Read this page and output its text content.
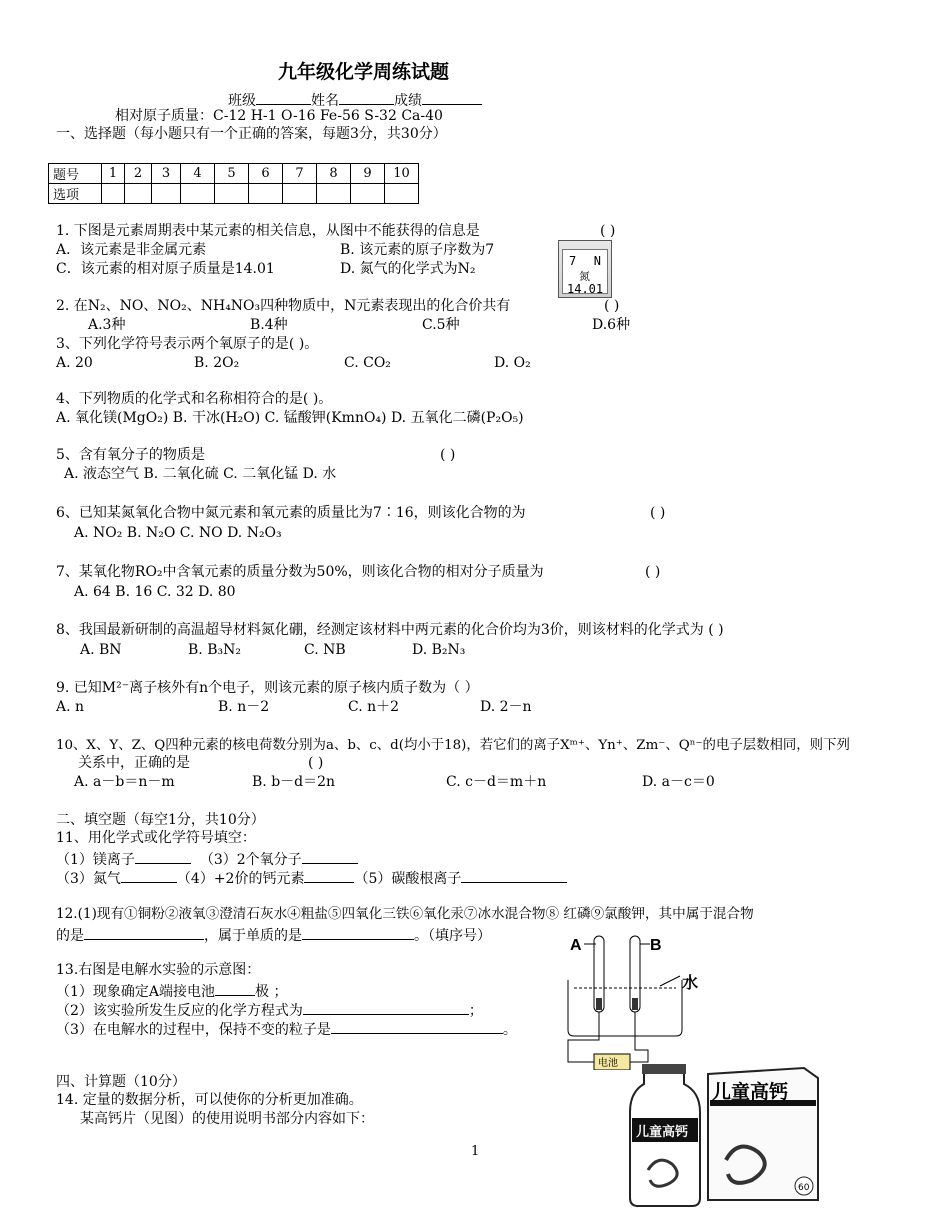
九年级化学周练试题
班级	姓名	成绩
相对原子质量：C-12 H-1 O-16 Fe-56 S-32 Ca-40
一、选择题（每小题只有一个正确的答案，每题3分，共30分）
题号	1	2	3	4	5	6	7	8	9	10
选项										
1. 下图是元素周期表中某元素的相关信息，从图中不能获得的信息是	( )
A．该元素是非金属元素	B. 该元素的原子序数为7
C．该元素的相对原子质量是14.01	D. 氮气的化学式为N₂	7 N
氮
14.01
2. 在N₂、NO、NO₂、NH₄NO₃四种物质中，N元素表现出的化合价共有	( )
A.3种	B.4种	C.5种	D.6种
3、下列化学符号表示两个氧原子的是( )。
A. 20	B. 2O₂	C. CO₂	D. O₂
4、下列物质的化学式和名称相符合的是( )。
A. 氧化镁(MgO₂) B. 干冰(H₂O) C. 锰酸钾(KmnO₄) D. 五氧化二磷(P₂O₅)
5、含有氧分子的物质是	( )
A. 液态空气 B. 二氧化硫 C. 二氧化锰 D. 水
6、已知某氮氧化合物中氮元素和氧元素的质量比为7∶16，则该化合物的为	( )
A. NO₂ B. N₂O C. NO D. N₂O₃
7、某氧化物RO₂中含氧元素的质量分数为50%，则该化合物的相对分子质量为	( )
A. 64 B. 16 C. 32 D. 80
8、我国最新研制的高温超导材料氮化硼，经测定该材料中两元素的化合价均为3价，则该材料的化学式为 ( )
A. BN	B. B₃N₂	C. NB	D. B₂N₃
9. 已知M²⁻离子核外有n个电子，则该元素的原子核内质子数为（ ）
A. n	B. n－2	C. n＋2	D. 2－n
10、X、Y、Z、Q四种元素的核电荷数分别为a、b、c、d(均小于18)，若它们的离子Xᵐ⁺、Yn⁺、Zm⁻、Qⁿ⁻的电子层数相同，则下列
关系中，正确的是	( )
A. a－b＝n－m	B. b－d＝2n	C. c－d＝m＋n	D. a－c＝0
二、填空题（每空1分，共10分）
11、用化学式或化学符号填空：
（1）镁离子	（3）2个氧分子
（3）氮气	（4）+2价的钙元素	（5）碳酸根离子
12.(1)现有①铜粉②液氧③澄清石灰水④粗盐⑤四氧化三铁⑥氧化汞⑦冰水混合物⑧ 红磷⑨氯酸钾，其中属于混合物
的是	，属于单质的是	。（填序号）
13.右图是电解水实验的示意图：
（1）现象确定A端接电池	极 ；
（2）该实验所发生反应的化学方程式为	；
（3）在电解水的过程中，保持不变的粒子是	。
A	B
水
电池
四、计算题（10分）
14. 定量的数据分析，可以使你的分析更加准确。
某高钙片（见图）的使用说明书部分内容如下：
儿童高钙
儿童高钙
60
1
